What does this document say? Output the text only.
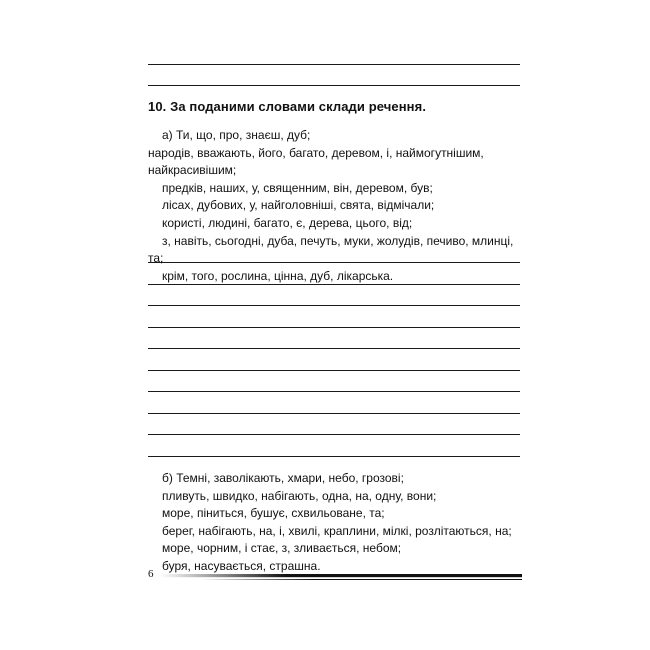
10. За поданими словами склади речення.
а) Ти, що, про, знаєш, дуб;
народів, вважають, його, багато, деревом, і, наймогутнішим,
найкрасивішим;
предків, наших, у, священним, він, деревом, був;
лісах, дубових, у, найголовніші, свята, відмічали;
користі, людині, багато, є, дерева, цього, від;
з, навіть, сьогодні, дуба, печуть, муки, жолудів, печиво, млинці,
та;
крім, того, рослина, цінна, дуб, лікарська.
б) Темні, заволікають, хмари, небо, грозові;
пливуть, швидко, набігають, одна, на, одну, вони;
море, пiниться, бушує, схвильоване, та;
берег, набігають, на, і, хвилі, краплини, мілкі, розлітаються, на;
море, чорним, і стає, з, зливається, небом;
буря, насувається, страшна.
6
